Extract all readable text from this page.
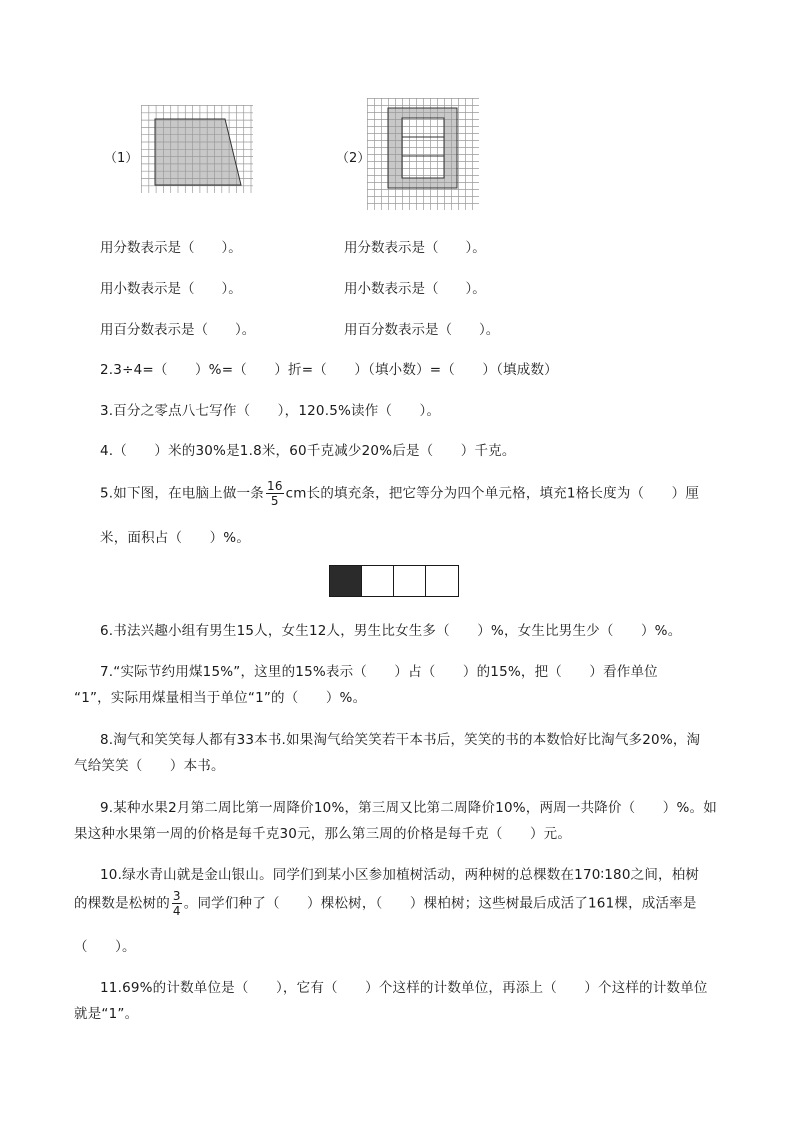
（1）	（2）
用分数表示是（　　）。
用小数表示是（　　）。
用百分数表示是（　　）。
用分数表示是（　　）。
用小数表示是（　　）。
用百分数表示是（　　）。
2.3÷4=（　　）%=（　　）折=（　　）（填小数）=（　　）（填成数）
3.百分之零点八七写作（　　），120.5%读作（　　）。
4.（　　）米的30%是1.8米，60千克减少20%后是（　　）千克。
5.如下图，在电脑上做一条 $\frac{16}{5}$ cm长的填充条，把它等分为四个单元格，填充1格长度为（　　）厘
米，面积占（　　）%。
6.书法兴趣小组有男生15人，女生12人，男生比女生多（　　）%，女生比男生少（　　）%。
7.“实际节约用煤15%”，这里的15%表示（　　）占（　　）的15%，把（　　）看作单位
“1”，实际用煤量相当于单位“1”的（　　）%。
8.淘气和笑笑每人都有33本书.如果淘气给笑笑若干本书后，笑笑的书的本数恰好比淘气多20%，淘
气给笑笑（　　）本书。
9.某种水果2月第二周比第一周降价10%，第三周又比第二周降价10%，两周一共降价（　　）%。如
果这种水果第一周的价格是每千克30元，那么第三周的价格是每千克（　　）元。
10.绿水青山就是金山银山。同学们到某小区参加植树活动，两种树的总棵数在170∶180之间，柏树
的棵数是松树的 $\frac{3}{4}$ 。同学们种了（　　）棵松树，（　　）棵柏树；这些树最后成活了161棵，成活率是
（　　）。
11.69%的计数单位是（　　），它有（　　）个这样的计数单位，再添上（　　）个这样的计数单位
就是“1”。
